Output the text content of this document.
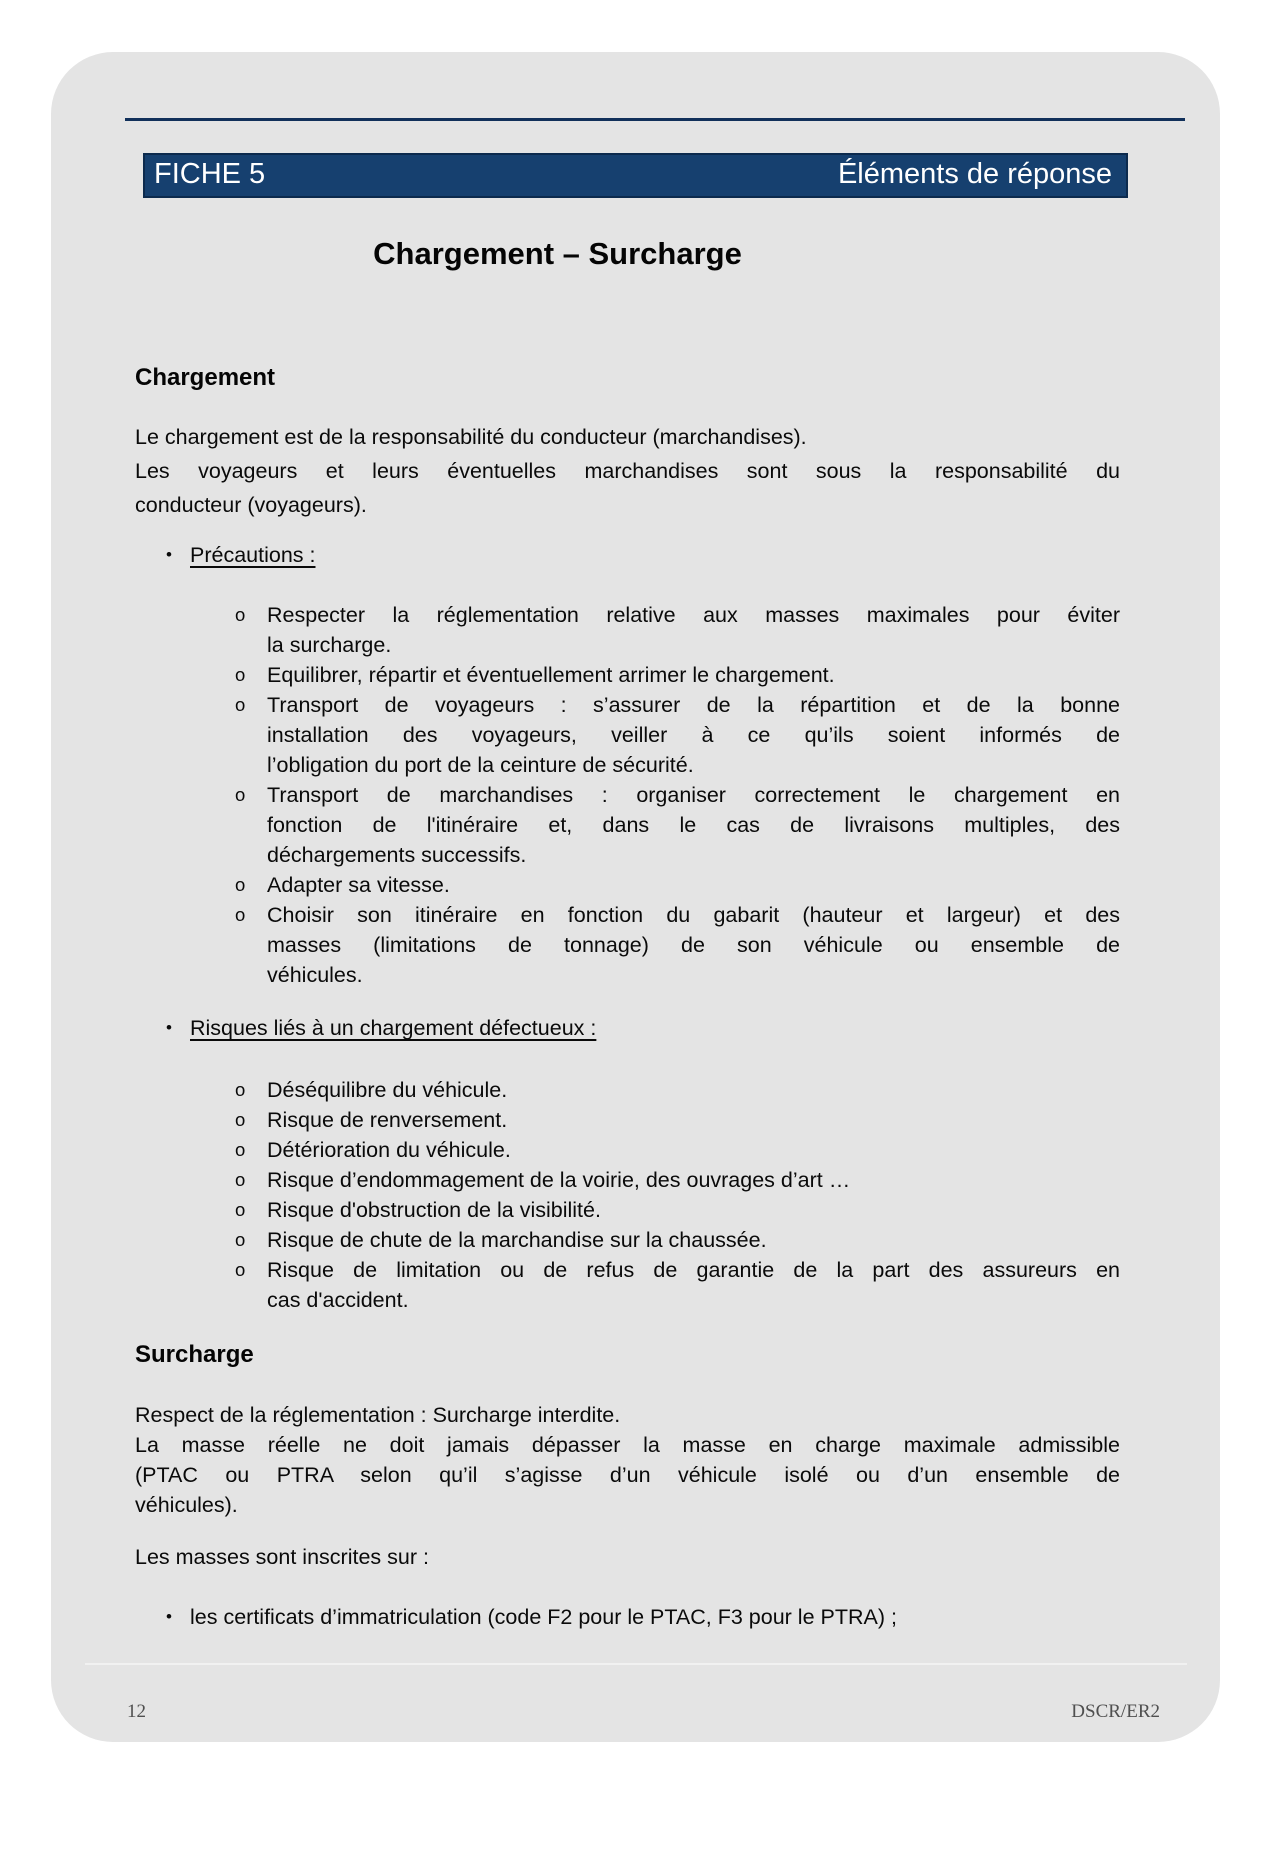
FICHE 5	Éléments de réponse
Chargement – Surcharge
Chargement
Le chargement est de la responsabilité du conducteur (marchandises).
Les voyageurs et leurs éventuelles marchandises sont sous la responsabilité du
conducteur (voyageurs).
• Précautions :
o	Respecter la réglementation relative aux masses maximales pour éviter
la surcharge.
o	Equilibrer, répartir et éventuellement arrimer le chargement.
o	Transport de voyageurs : s’assurer de la répartition et de la bonne
installation des voyageurs, veiller à ce qu’ils soient informés de
l’obligation du port de la ceinture de sécurité.
o	Transport de marchandises : organiser correctement le chargement en
fonction de l'itinéraire et, dans le cas de livraisons multiples, des
déchargements successifs.
o	Adapter sa vitesse.
o	Choisir son itinéraire en fonction du gabarit (hauteur et largeur) et des
masses (limitations de tonnage) de son véhicule ou ensemble de
véhicules.
• Risques liés à un chargement défectueux :
o	Déséquilibre du véhicule.
o	Risque de renversement.
o	Détérioration du véhicule.
o	Risque d’endommagement de la voirie, des ouvrages d’art …
o	Risque d'obstruction de la visibilité.
o	Risque de chute de la marchandise sur la chaussée.
o	Risque de limitation ou de refus de garantie de la part des assureurs en
cas d'accident.
Surcharge
Respect de la réglementation : Surcharge interdite.
La masse réelle ne doit jamais dépasser la masse en charge maximale admissible
(PTAC ou PTRA selon qu’il s’agisse d’un véhicule isolé ou d’un ensemble de
véhicules).
Les masses sont inscrites sur :
• les certificats d’immatriculation (code F2 pour le PTAC, F3 pour le PTRA) ;
12	DSCR/ER2
